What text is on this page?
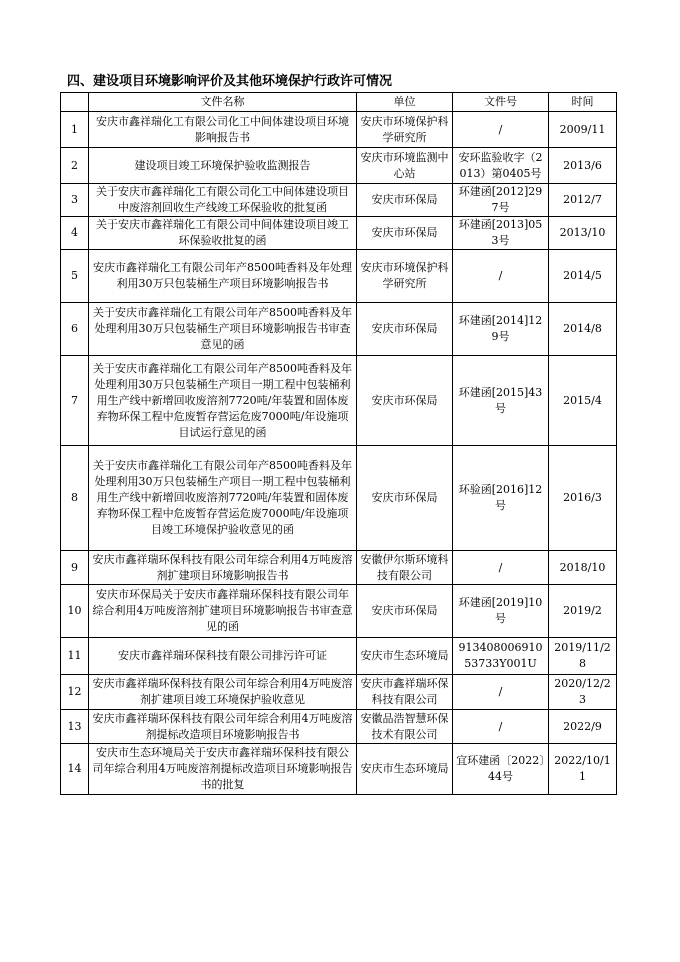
四、建设项目环境影响评价及其他环境保护行政许可情况
	文件名称	单位	文件号	时间
1	安庆市鑫祥瑞化工有限公司化工中间体建设项目环境影响报告书	安庆市环境保护科学研究所	/	2009/11
2	建设项目竣工环境保护验收监测报告	安庆市环境监测中心站	安环监验收字（2013）第0405号	2013/6
3	关于安庆市鑫祥瑞化工有限公司化工中间体建设项目中废溶剂回收生产线竣工环保验收的批复函	安庆市环保局	环建函[2012]297号	2012/7
4	关于安庆市鑫祥瑞化工有限公司中间体建设项目竣工环保验收批复的函	安庆市环保局	环建函[2013]053号	2013/10
5	安庆市鑫祥瑞化工有限公司年产8500吨香料及年处理利用30万只包装桶生产项目环境影响报告书	安庆市环境保护科学研究所	/	2014/5
6	关于安庆市鑫祥瑞化工有限公司年产8500吨香料及年处理利用30万只包装桶生产项目环境影响报告书审查意见的函	安庆市环保局	环建函[2014]129号	2014/8
7	关于安庆市鑫祥瑞化工有限公司年产8500吨香料及年处理利用30万只包装桶生产项目一期工程中包装桶利用生产线中新增回收废溶剂7720吨/年装置和固体废弃物环保工程中危废暂存营运危废7000吨/年设施项目试运行意见的函	安庆市环保局	环建函[2015]43号	2015/4
8	关于安庆市鑫祥瑞化工有限公司年产8500吨香料及年处理利用30万只包装桶生产项目一期工程中包装桶利用生产线中新增回收废溶剂7720吨/年装置和固体废弃物环保工程中危废暂存营运危废7000吨/年设施项目竣工环境保护验收意见的函	安庆市环保局	环验函[2016]12号	2016/3
9	安庆市鑫祥瑞环保科技有限公司年综合利用4万吨废溶剂扩建项目环境影响报告书	安徽伊尔斯环境科技有限公司	/	2018/10
10	安庆市环保局关于安庆市鑫祥瑞环保科技有限公司年综合利用4万吨废溶剂扩建项目环境影响报告书审查意见的函	安庆市环保局	环建函[2019]10号	2019/2
11	安庆市鑫祥瑞环保科技有限公司排污许可证	安庆市生态环境局	91340800691053733Y001U	2019/11/28
12	安庆市鑫祥瑞环保科技有限公司年综合利用4万吨废溶剂扩建项目竣工环境保护验收意见	安庆市鑫祥瑞环保科技有限公司	/	2020/12/23
13	安庆市鑫祥瑞环保科技有限公司年综合利用4万吨废溶剂提标改造项目环境影响报告书	安徽品浩智慧环保技术有限公司	/	2022/9
14	安庆市生态环境局关于安庆市鑫祥瑞环保科技有限公司年综合利用4万吨废溶剂提标改造项目环境影响报告书的批复	安庆市生态环境局	宜环建函〔2022〕44号	2022/10/11
